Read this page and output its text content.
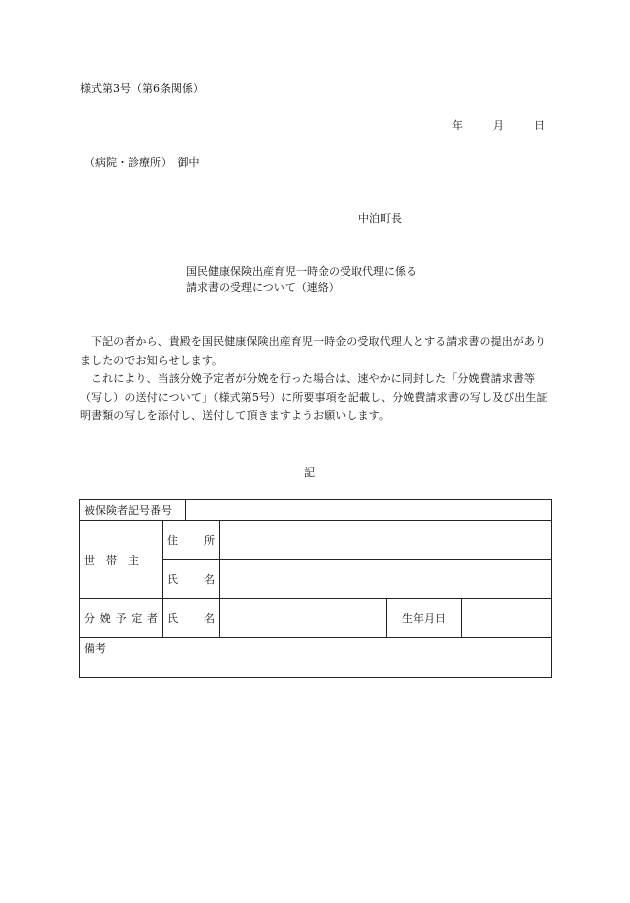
様式第3号（第6条関係）
年	月	日
（病院・診療所）　御中
中泊町長
国民健康保険出産育児一時金の受取代理に係る
請求書の受理について（連絡）

下記の者から、貴殿を国民健康保険出産育児一時金の受取代理人とする請求書の提出がありましたのでお知らせします。

これにより、当該分娩予定者が分娩を行った場合は、速やかに同封した「分娩費請求書等（写し）の送付について」（様式第5号）に所要事項を記載し、分娩費請求書の写し及び出生証明書類の写しを添付し、送付して頂きますようお願いします。

記
被保険者記号番号					
世　帯　主	住所				
	氏名				
分娩予定者	氏名			生年月日	
備考					
